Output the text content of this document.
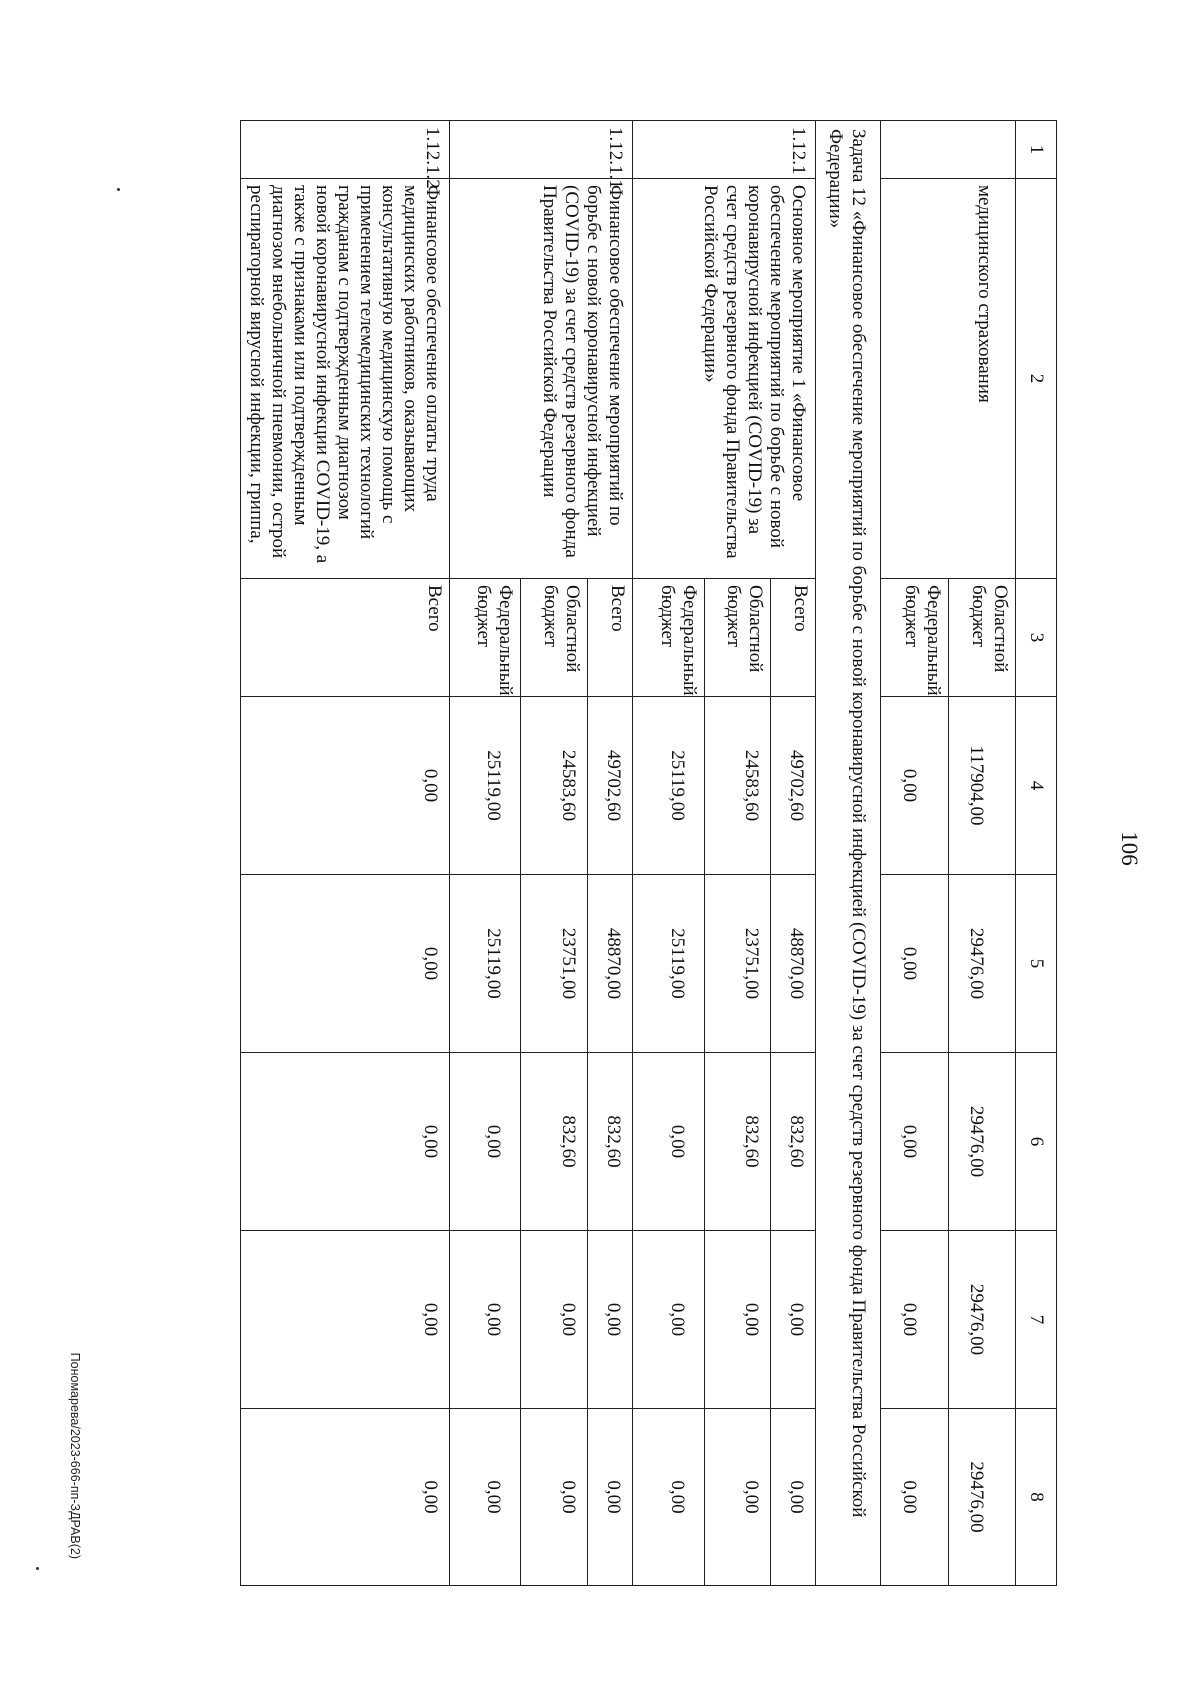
106
1	2	3	4	5	6	7	8
	медицинского страхования	Областной бюджет	117904,00	29476,00	29476,00	29476,00	29476,00
		Федеральный бюджет	0,00	0,00	0,00	0,00	0,00
Задача 12 «Финансовое обеспечение мероприятий по борьбе с новой коронавирусной инфекцией (COVID-19) за счет средств резервного фонда Правительства Российской Федерации»							
1.12.1	Основное мероприятие 1 «Финансовое обеспечение мероприятий по борьбе с новой коронавирусной инфекцией (COVID-19) за счет средств резервного фонда Правительства Российской Федерации»	Всего	49702,60	48870,00	832,60	0,00	0,00
		Областной бюджет	24583,60	23751,00	832,60	0,00	0,00
		Федеральный бюджет	25119,00	25119,00	0,00	0,00	0,00
1.12.1.1	Финансовое обеспечение мероприятий по борьбе с новой коронавирусной инфекцией (COVID-19) за счет средств резервного фонда Правительства Российской Федерации	Всего	49702,60	48870,00	832,60	0,00	0,00
		Областной бюджет	24583,60	23751,00	832,60	0,00	0,00
		Федеральный бюджет	25119,00	25119,00	0,00	0,00	0,00
1.12.1.2	Финансовое обеспечение оплаты труда медицинских работников, оказывающих консультативную медицинскую помощь с применением телемедицинских технологий гражданам с подтвержденным диагнозом новой коронавирусной инфекции COVID-19, а также с признаками или подтвержденным диагнозом внебольничной пневмонии, острой респираторной вирусной инфекции, гриппа,	Всего	0,00	0,00	0,00	0,00	0,00
Пономарева/2023-666-пп-ЗДРАВ(2)
